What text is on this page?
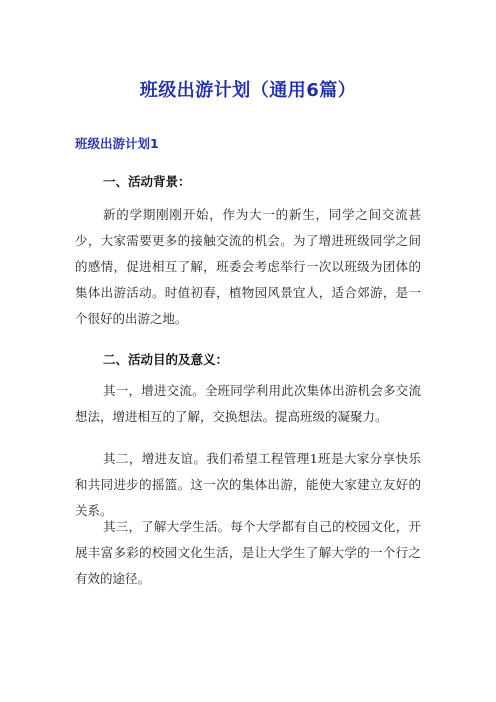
班级出游计划（通用6篇）
班级出游计划1
一、活动背景：

新的学期刚刚开始，作为大一的新生，同学之间交流甚少，大家需要更多的接触交流的机会。为了增进班级同学之间的感情，促进相互了解，班委会考虑举行一次以班级为团体的集体出游活动。时值初春，植物园风景宜人，适合郊游，是一个很好的出游之地。

二、活动目的及意义：

其一，增进交流。全班同学利用此次集体出游机会多交流想法，增进相互的了解，交换想法。提高班级的凝聚力。

其二，增进友谊。我们希望工程管理1班是大家分享快乐和共同进步的摇篮。这一次的集体出游，能使大家建立友好的关系。

其三，了解大学生活。每个大学都有自己的校园文化，开展丰富多彩的校园文化生活，是让大学生了解大学的一个行之有效的途径。
